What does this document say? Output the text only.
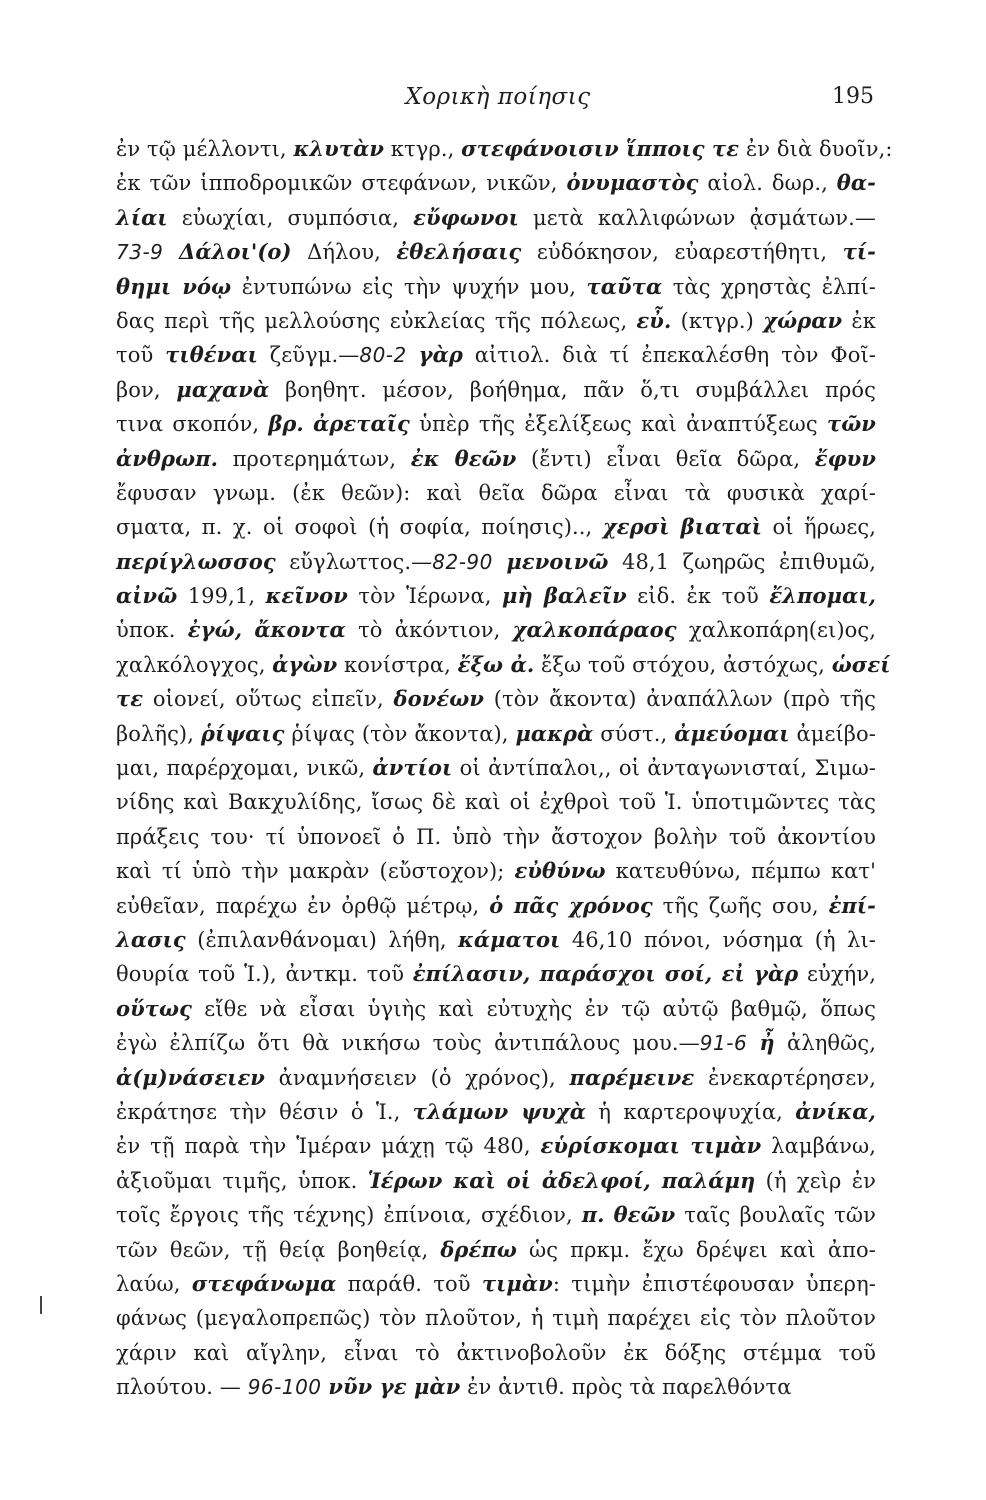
Χορικὴ ποίησις	195
ἐν τῷ μέλλοντι, κλυτὰν κτγρ., στεφάνοισιν ἵπποις τε ἐν διὰ δυοῖν,:
ἐκ τῶν ἱπποδρομικῶν στεφάνων, νικῶν, ὀνυμαστὸς αἰολ. δωρ., θα-
λίαι εὐωχίαι, συμπόσια, εὔφωνοι μετὰ καλλιφώνων ᾀσμάτων.—
73-9 Δάλοι'(ο) Δήλου, ἐθελήσαις εὐδόκησον, εὐαρεστήθητι, τί-
θημι νόῳ ἐντυπώνω εἰς τὴν ψυχήν μου, ταῦτα τὰς χρηστὰς ἐλπί-
δας περὶ τῆς μελλούσης εὐκλείας τῆς πόλεως, εὖ. (κτγρ.) χώραν ἐκ
τοῦ τιθέναι ζεῦγμ.—80-2 γὰρ αἰτιολ. διὰ τί ἐπεκαλέσθη τὸν Φοῖ-
βον, μαχανὰ βοηθητ. μέσον, βοήθημα, πᾶν ὅ,τι συμβάλλει πρός
τινα σκοπόν, βρ. ἀρεταῖς ὑπὲρ τῆς ἐξελίξεως καὶ ἀναπτύξεως τῶν
ἀνθρωπ. προτερημάτων, ἐκ θεῶν (ἔντι) εἶναι θεῖα δῶρα, ἔφυν
ἔφυσαν γνωμ. (ἐκ θεῶν): καὶ θεῖα δῶρα εἶναι τὰ φυσικὰ χαρί-
σματα, π. χ. οἱ σοφοὶ (ἡ σοφία, ποίησις).., χερσὶ βιαταὶ οἱ ἥρωες,
περίγλωσσος εὔγλωττος.—82-90 μενοινῶ 48,1 ζωηρῶς ἐπιθυμῶ,
αἰνῶ 199,1, κεῖνον τὸν Ἱέρωνα, μὴ βαλεῖν εἰδ. ἐκ τοῦ ἔλπομαι,
ὑποκ. ἐγώ, ἄκοντα τὸ ἀκόντιον, χαλκοπάραος χαλκοπάρη(ει)ος,
χαλκόλογχος, ἀγὼν κονίστρα, ἔξω ἀ. ἔξω τοῦ στόχου, ἀστόχως, ὡσεί
τε οἱονεί, οὕτως εἰπεῖν, δονέων (τὸν ἄκοντα) ἀναπάλλων (πρὸ τῆς
βολῆς), ῥίψαις ῥίψας (τὸν ἄκοντα), μακρὰ σύστ., ἀμεύομαι ἀμείβο-
μαι, παρέρχομαι, νικῶ, ἀντίοι οἱ ἀντίπαλοι,, οἱ ἀνταγωνισταί, Σιμω-
νίδης καὶ Βακχυλίδης, ἴσως δὲ καὶ οἱ ἐχθροὶ τοῦ Ἱ. ὑποτιμῶντες τὰς
πράξεις του· τί ὑπονοεῖ ὁ Π. ὑπὸ τὴν ἄστοχον βολὴν τοῦ ἀκοντίου
καὶ τί ὑπὸ τὴν μακρὰν (εὔστοχον); εὐθύνω κατευθύνω, πέμπω κατ'
εὐθεῖαν, παρέχω ἐν ὀρθῷ μέτρῳ, ὁ πᾶς χρόνος τῆς ζωῆς σου, ἐπί-
λασις (ἐπιλανθάνομαι) λήθη, κάματοι 46,10 πόνοι, νόσημα (ἡ λι-
θουρία τοῦ Ἱ.), ἀντκμ. τοῦ ἐπίλασιν, παράσχοι σοί, εἰ γὰρ εὐχήν,
οὕτως εἴθε νὰ εἶσαι ὑγιὴς καὶ εὐτυχὴς ἐν τῷ αὐτῷ βαθμῷ, ὅπως
ἐγὼ ἐλπίζω ὅτι θὰ νικήσω τοὺς ἀντιπάλους μου.—91-6 ἦ ἀληθῶς,
ἀ(μ)νάσειεν ἀναμνήσειεν (ὁ χρόνος), παρέμεινε ἐνεκαρτέρησεν,
ἐκράτησε τὴν θέσιν ὁ Ἱ., τλάμων ψυχὰ ἡ καρτεροψυχία, ἀνίκα,
ἐν τῇ παρὰ τὴν Ἱμέραν μάχῃ τῷ 480, εὑρίσκομαι τιμὰν λαμβάνω,
ἀξιοῦμαι τιμῆς, ὑποκ. Ἱέρων καὶ οἱ ἀδελφοί, παλάμη (ἡ χεὶρ ἐν
τοῖς ἔργοις τῆς τέχνης) ἐπίνοια, σχέδιον, π. θεῶν ταῖς βουλαῖς τῶν
τῶν θεῶν, τῇ θείᾳ βοηθείᾳ, δρέπω ὡς πρκμ. ἔχω δρέψει καὶ ἀπο-
λαύω, στεφάνωμα παράθ. τοῦ τιμὰν: τιμὴν ἐπιστέφουσαν ὑπερη-
φάνως (μεγαλοπρεπῶς) τὸν πλοῦτον, ἡ τιμὴ παρέχει εἰς τὸν πλοῦτον
χάριν καὶ αἴγλην, εἶναι τὸ ἀκτινοβολοῦν ἐκ δόξης στέμμα τοῦ
πλούτου. — 96-100 νῦν γε μὰν ἐν ἀντιθ. πρὸς τὰ παρελθόντα
